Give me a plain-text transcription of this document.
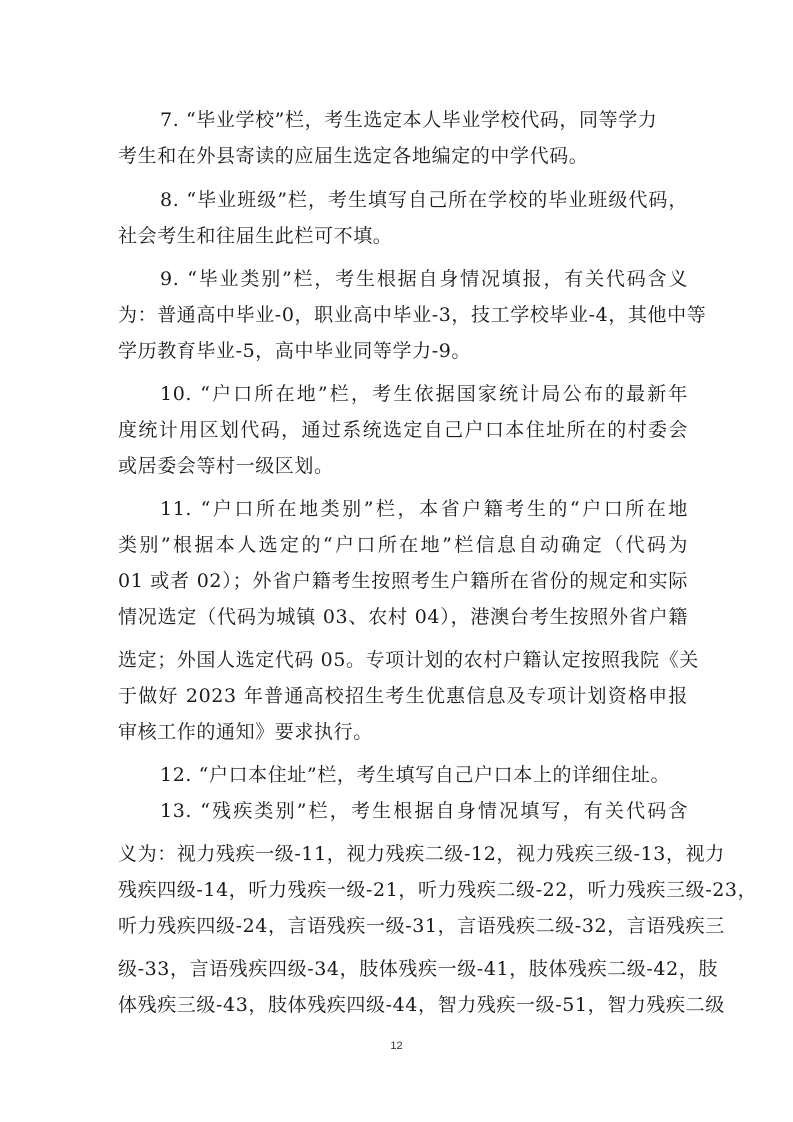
7. “毕业学校”栏，考生选定本人毕业学校代码，同等学力
考生和在外县寄读的应届生选定各地编定的中学代码。
8. “毕业班级”栏，考生填写自己所在学校的毕业班级代码，
社会考生和往届生此栏可不填。
9. “毕业类别”栏，考生根据自身情况填报，有关代码含义
为：普通高中毕业-0，职业高中毕业-3，技工学校毕业-4，其他中等
学历教育毕业-5，高中毕业同等学力-9。
10. “户口所在地”栏，考生依据国家统计局公布的最新年
度统计用区划代码，通过系统选定自己户口本住址所在的村委会
或居委会等村一级区划。
11. “户口所在地类别”栏，本省户籍考生的“户口所在地
类别”根据本人选定的“户口所在地”栏信息自动确定（代码为
01 或者 02）；外省户籍考生按照考生户籍所在省份的规定和实际
情况选定（代码为城镇 03、农村 04），港澳台考生按照外省户籍
选定；外国人选定代码 05。专项计划的农村户籍认定按照我院《关
于做好 2023 年普通高校招生考生优惠信息及专项计划资格申报
审核工作的通知》要求执行。
12. “户口本住址”栏，考生填写自己户口本上的详细住址。
13. “残疾类别”栏，考生根据自身情况填写，有关代码含
义为：视力残疾一级-11，视力残疾二级-12，视力残疾三级-13，视力
残疾四级-14，听力残疾一级-21，听力残疾二级-22，听力残疾三级-23，
听力残疾四级-24，言语残疾一级-31，言语残疾二级-32，言语残疾三
级-33，言语残疾四级-34，肢体残疾一级-41，肢体残疾二级-42，肢
体残疾三级-43，肢体残疾四级-44，智力残疾一级-51，智力残疾二级
12
